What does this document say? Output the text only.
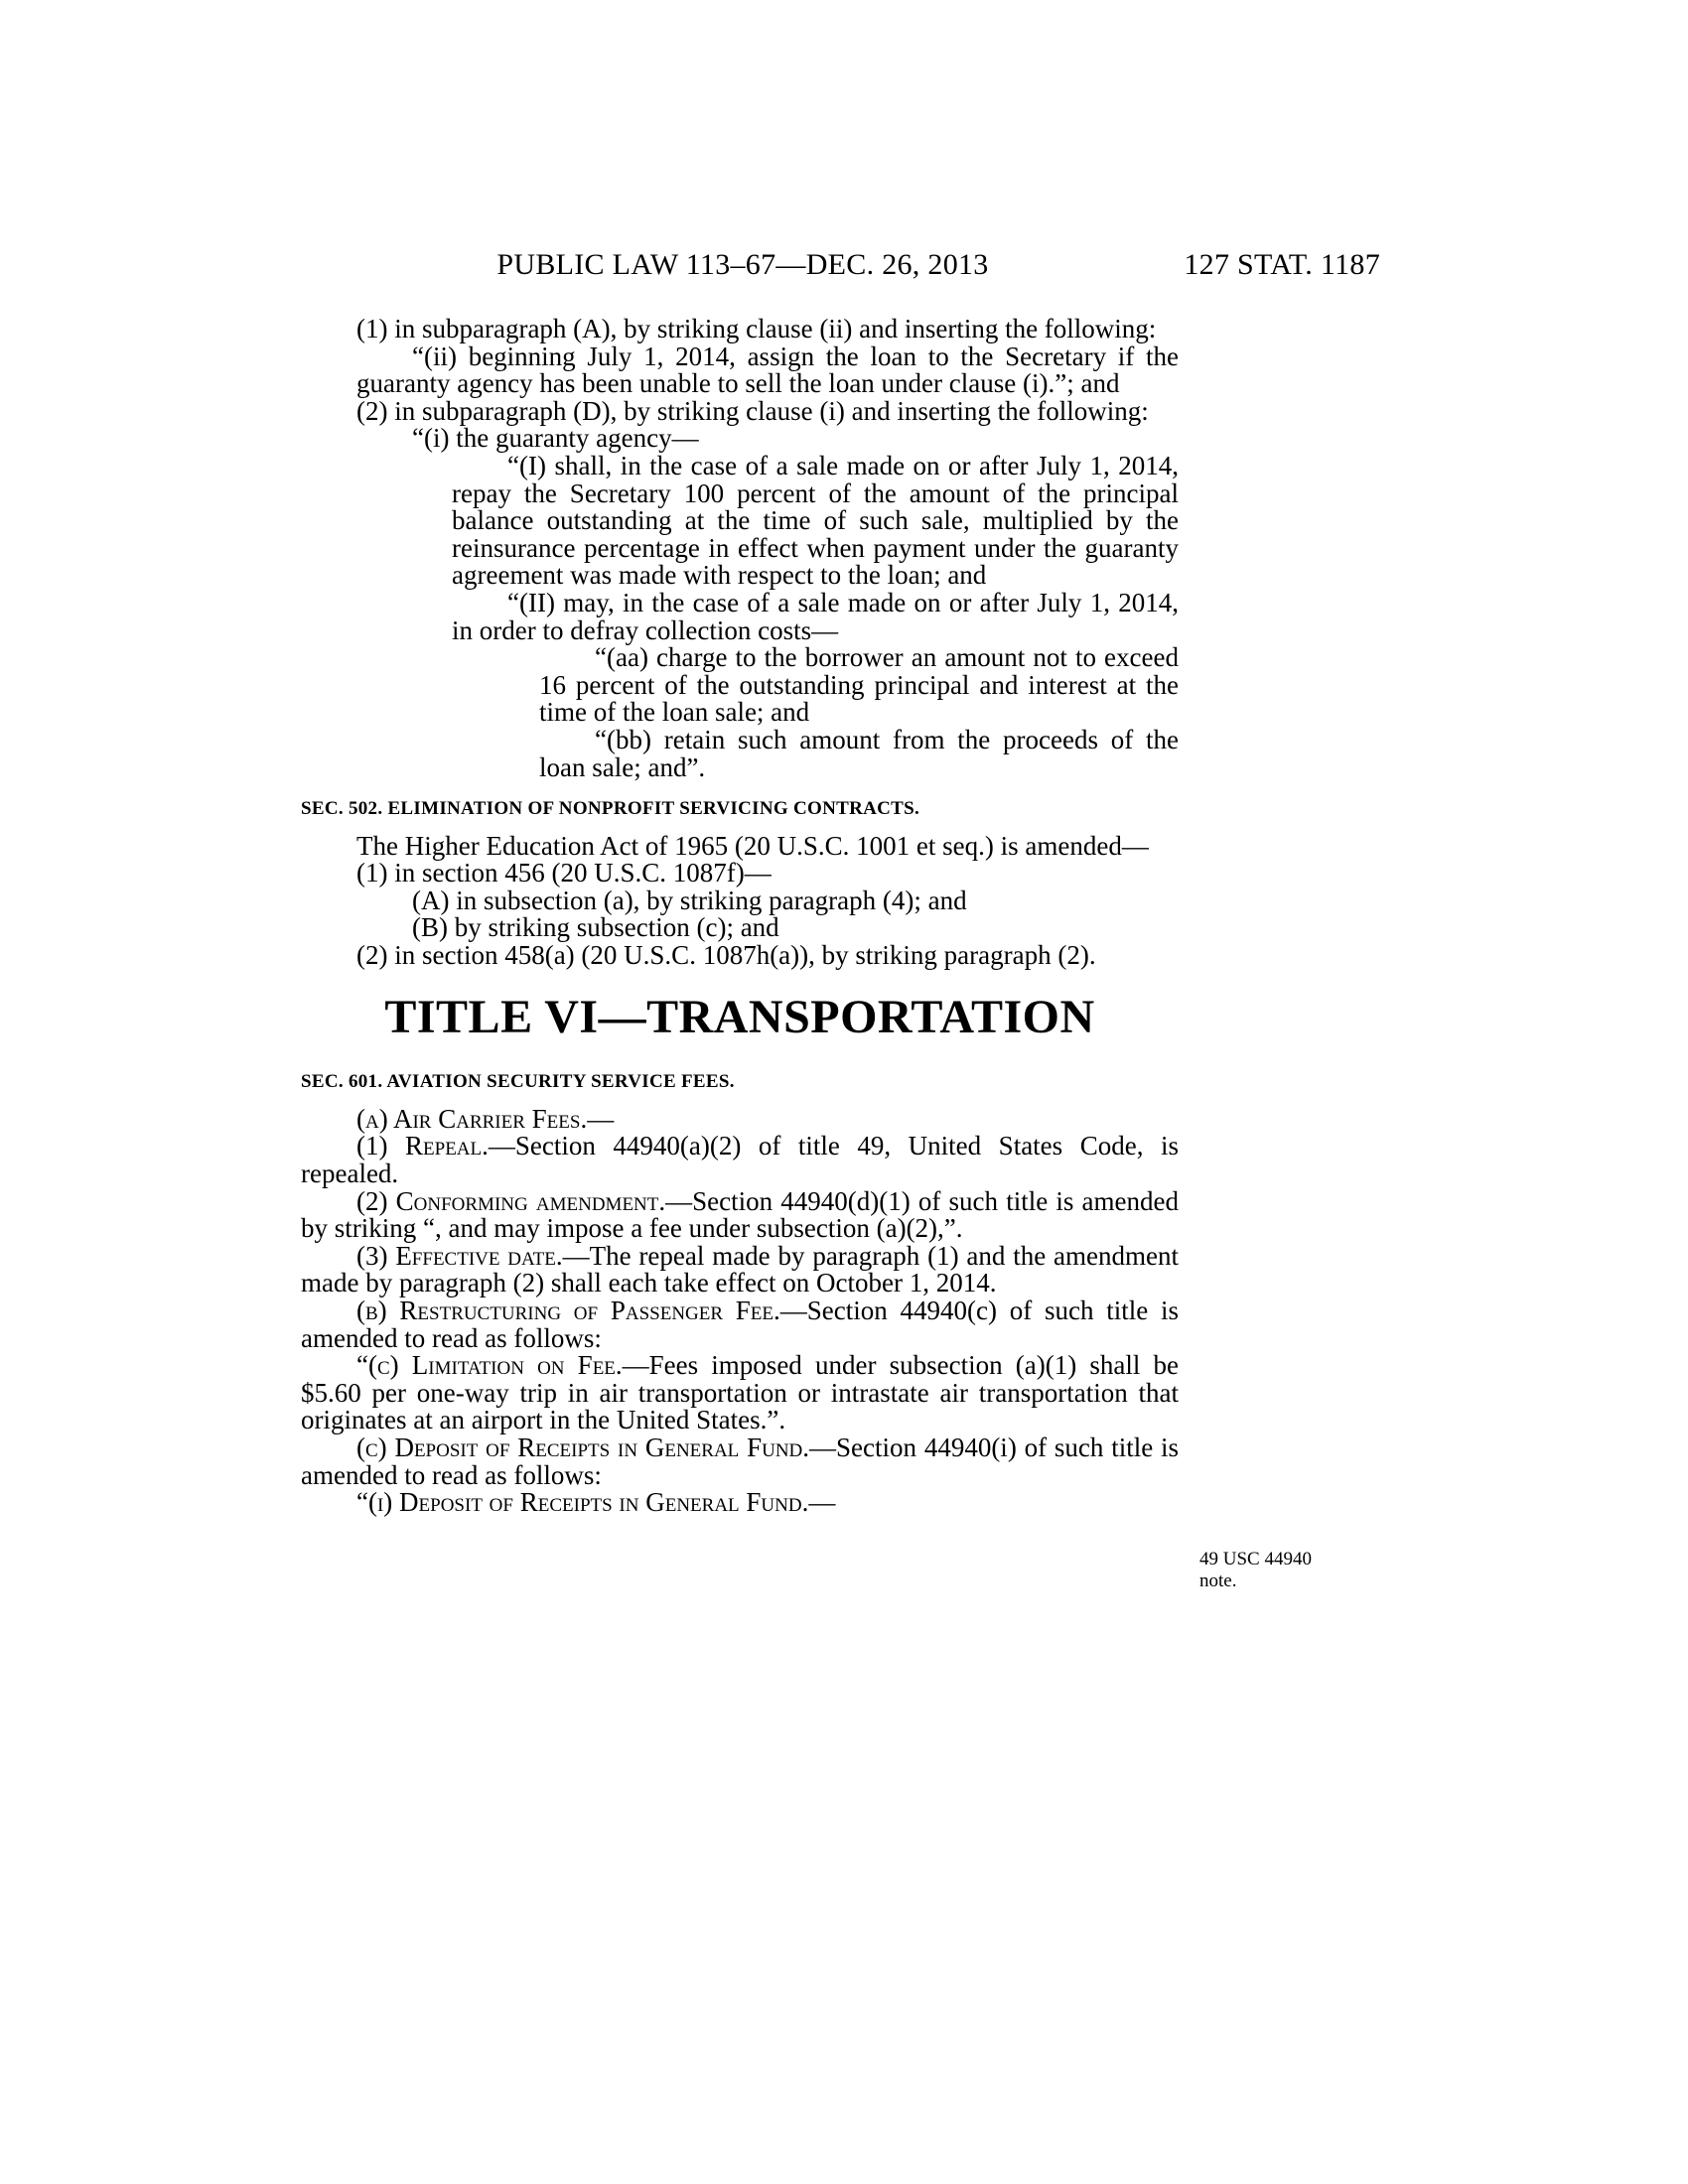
PUBLIC LAW 113–67—DEC. 26, 2013	127 STAT. 1187

(1) in subparagraph (A), by striking clause (ii) and inserting the following:

“(ii) beginning July 1, 2014, assign the loan to the Secretary if the guaranty agency has been unable to sell the loan under clause (i).”; and

(2) in subparagraph (D), by striking clause (i) and inserting the following:

“(i) the guaranty agency—

“(I) shall, in the case of a sale made on or after July 1, 2014, repay the Secretary 100 percent of the amount of the principal balance outstanding at the time of such sale, multiplied by the reinsurance percentage in effect when payment under the guaranty agreement was made with respect to the loan; and

“(II) may, in the case of a sale made on or after July 1, 2014, in order to defray collection costs—

“(aa) charge to the borrower an amount not to exceed 16 percent of the outstanding principal and interest at the time of the loan sale; and

“(bb) retain such amount from the proceeds of the loan sale; and”.

SEC. 502. ELIMINATION OF NONPROFIT SERVICING CONTRACTS.

The Higher Education Act of 1965 (20 U.S.C. 1001 et seq.) is amended—

(1) in section 456 (20 U.S.C. 1087f)—

(A) in subsection (a), by striking paragraph (4); and

(B) by striking subsection (c); and

(2) in section 458(a) (20 U.S.C. 1087h(a)), by striking paragraph (2).

TITLE VI—TRANSPORTATION
SEC. 601. AVIATION SECURITY SERVICE FEES.

(a) Air Carrier Fees.—

(1) Repeal.—Section 44940(a)(2) of title 49, United States Code, is repealed.

(2) Conforming amendment.—Section 44940(d)(1) of such title is amended by striking “, and may impose a fee under subsection (a)(2),”.

(3) Effective date.—The repeal made by paragraph (1) and the amendment made by paragraph (2) shall each take effect on October 1, 2014.

(b) Restructuring of Passenger Fee.—Section 44940(c) of such title is amended to read as follows:

“(c) Limitation on Fee.—Fees imposed under subsection (a)(1) shall be $5.60 per one-way trip in air transportation or intrastate air transportation that originates at an airport in the United States.”.

(c) Deposit of Receipts in General Fund.—Section 44940(i) of such title is amended to read as follows:

“(i) Deposit of Receipts in General Fund.—

49 USC 44940
note.
